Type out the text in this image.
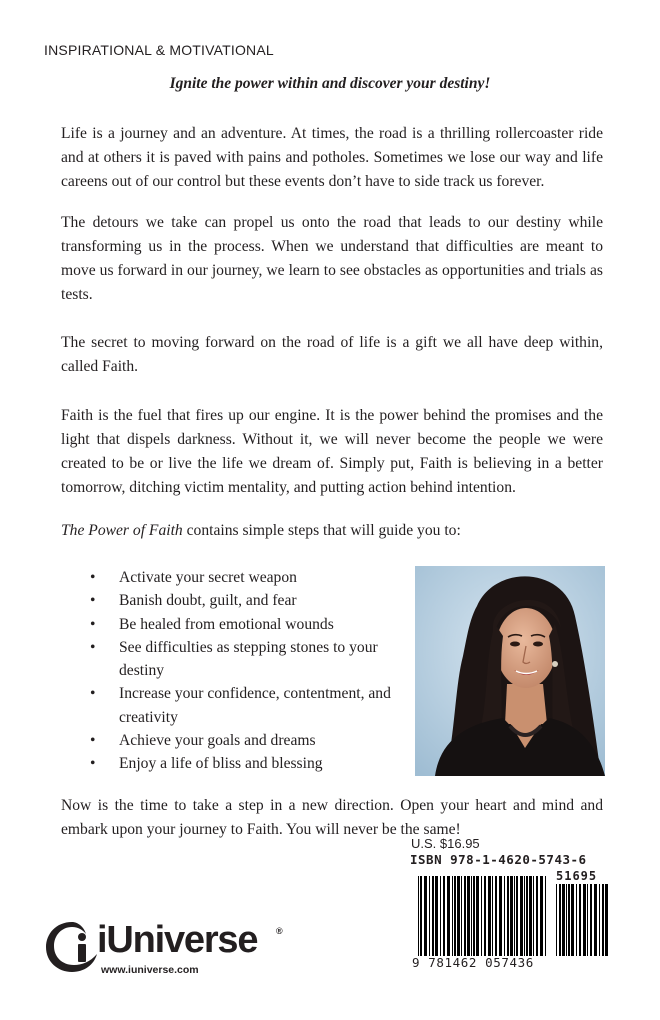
INSPIRATIONAL & MOTIVATIONAL
Ignite the power within and discover your destiny!

Life is a journey and an adventure. At times, the road is a thrilling rollercoaster ride and at others it is paved with pains and potholes. Sometimes we lose our way and life careens out of our control but these events don’t have to side track us forever.

The detours we take can propel us onto the road that leads to our destiny while transforming us in the process. When we understand that difficulties are meant to move us forward in our journey, we learn to see obstacles as opportunities and trials as tests.

The secret to moving forward on the road of life is a gift we all have deep within, called Faith.

Faith is the fuel that fires up our engine. It is the power behind the promises and the light that dispels darkness. Without it, we will never become the people we were created to be or live the life we dream of. Simply put, Faith is believing in a better tomorrow, ditching victim mentality, and putting action behind intention.

The Power of Faith contains simple steps that will guide you to:

• Activate your secret weapon
• Banish doubt, guilt, and fear
• Be healed from emotional wounds
• See difficulties as stepping stones to your destiny
• Increase your confidence, contentment, and creativity
• Achieve your goals and dreams
• Enjoy a life of bliss and blessing

Now is the time to take a step in a new direction. Open your heart and mind and embark upon your journey to Faith. You will never be the same!

U.S. $16.95
ISBN 978-1-4620-5743-6
51695
9 781462 057436
iUniverse ®
www.iuniverse.com
